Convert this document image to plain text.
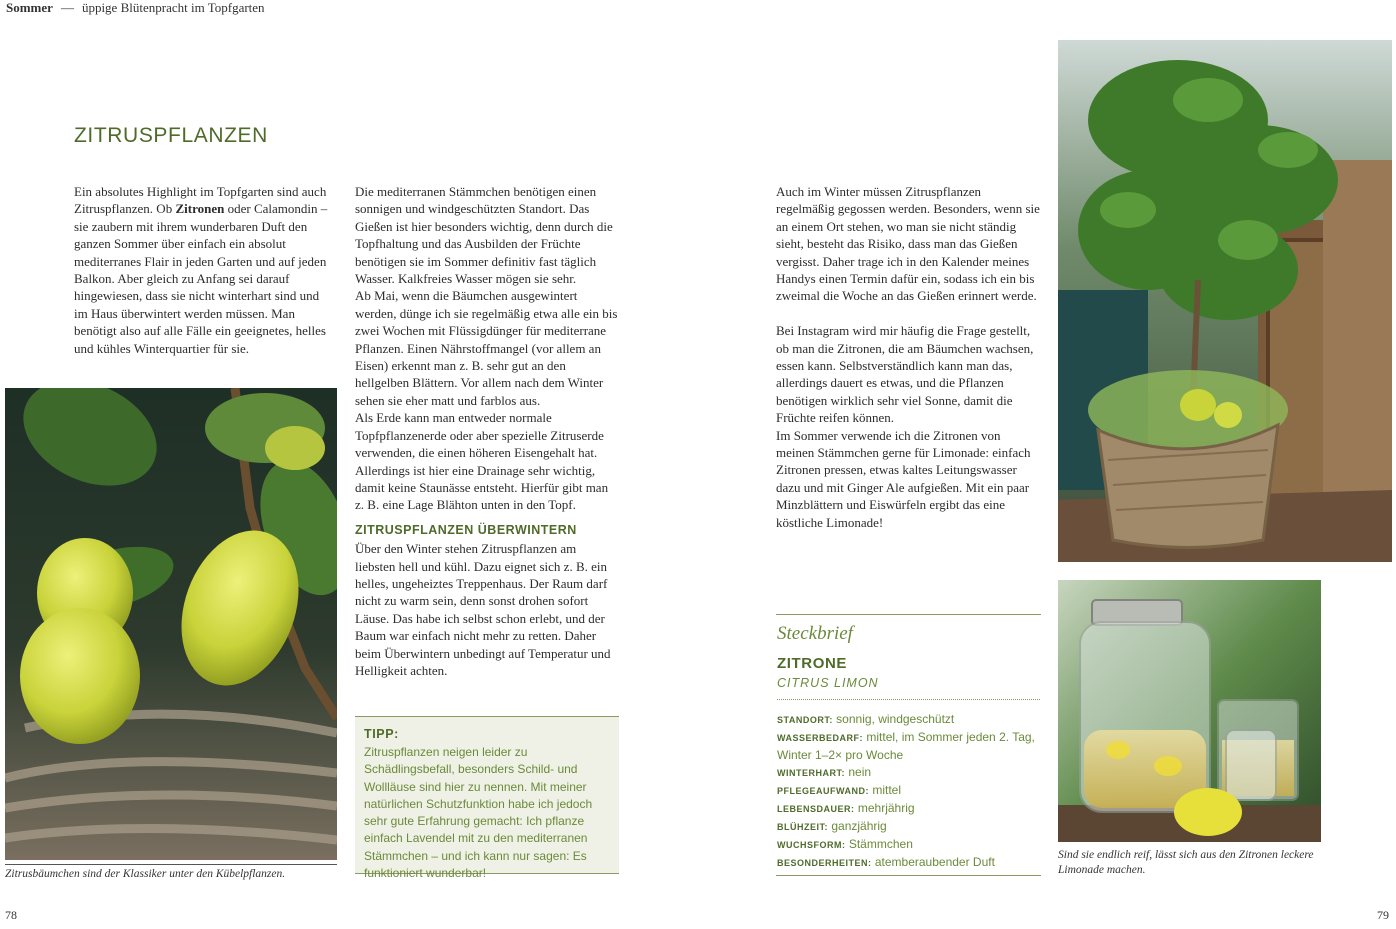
Sommer — üppige Blütenpracht im Topfgarten
ZITRUSPFLANZEN

Ein absolutes Highlight im Topfgarten sind auch Zitruspflanzen. Ob Zitronen oder Calamondin – sie zaubern mit ihrem wunderbaren Duft den ganzen Sommer über einfach ein absolut mediterranes Flair in jeden Garten und auf jeden Balkon. Aber gleich zu Anfang sei darauf hingewiesen, dass sie nicht winterhart sind und im Haus überwintert werden müssen. Man benötigt also auf alle Fälle ein geeignetes, helles und kühles Winterquartier für sie.

Die mediterranen Stämmchen benötigen einen sonnigen und windgeschützten Standort. Das Gießen ist hier besonders wichtig, denn durch die Topfhaltung und das Ausbilden der Früchte benötigen sie im Sommer definitiv fast täglich Wasser. Kalkfreies Wasser mögen sie sehr.

Ab Mai, wenn die Bäumchen ausgewintert werden, dünge ich sie regelmäßig etwa alle ein bis zwei Wochen mit Flüssigdünger für mediterrane Pflanzen. Einen Nährstoffmangel (vor allem an Eisen) erkennt man z. B. sehr gut an den hellgelben Blättern. Vor allem nach dem Winter sehen sie eher matt und farblos aus.

Als Erde kann man entweder normale Topfpflanzenerde oder aber spezielle Zitruserde verwenden, die einen höheren Eisengehalt hat. Allerdings ist hier eine Drainage sehr wichtig, damit keine Staunässe entsteht. Hierfür gibt man z. B. eine Lage Blähton unten in den Topf.

ZITRUSPFLANZEN ÜBERWINTERN

Über den Winter stehen Zitruspflanzen am liebsten hell und kühl. Dazu eignet sich z. B. ein helles, ungeheiztes Treppenhaus. Der Raum darf nicht zu warm sein, denn sonst drohen sofort Läuse. Das habe ich selbst schon erlebt, und der Baum war einfach nicht mehr zu retten. Daher beim Überwintern unbedingt auf Temperatur und Helligkeit achten.

TIPP:
Zitruspflanzen neigen leider zu Schädlingsbefall, besonders Schild- und Wollläuse sind hier zu nennen. Mit meiner natürlichen Schutzfunktion habe ich jedoch sehr gute Erfahrung gemacht: Ich pflanze einfach Lavendel mit zu den mediterranen Stämmchen – und ich kann nur sagen: Es funktioniert wunderbar!
Zitrusbäumchen sind der Klassiker unter den Kübelpflanzen.

Auch im Winter müssen Zitruspflanzen regelmäßig gegossen werden. Besonders, wenn sie an einem Ort stehen, wo man sie nicht ständig sieht, besteht das Risiko, dass man das Gießen vergisst. Daher trage ich in den Kalender meines Handys einen Termin dafür ein, sodass ich ein bis zweimal die Woche an das Gießen erinnert werde.

Bei Instagram wird mir häufig die Frage gestellt, ob man die Zitronen, die am Bäumchen wachsen, essen kann. Selbstverständlich kann man das, allerdings dauert es etwas, und die Pflanzen benötigen wirklich sehr viel Sonne, damit die Früchte reifen können.

Im Sommer verwende ich die Zitronen von meinen Stämmchen gerne für Limonade: einfach Zitronen pressen, etwas kaltes Leitungswasser dazu und mit Ginger Ale aufgießen. Mit ein paar Minzblättern und Eiswürfeln ergibt das eine köstliche Limonade!

Steckbrief
ZITRONE
CITRUS LIMON

STANDORT: sonnig, windgeschützt

WASSERBEDARF: mittel, im Sommer jeden 2. Tag, Winter 1–2× pro Woche

WINTERHART: nein

PFLEGEAUFWAND: mittel

LEBENSDAUER: mehrjährig

BLÜHZEIT: ganzjährig

WUCHSFORM: Stämmchen

BESONDERHEITEN: atemberaubender Duft	Sind sie endlich reif, lässt sich aus den Zitronen leckere Limonade machen.
78	79
